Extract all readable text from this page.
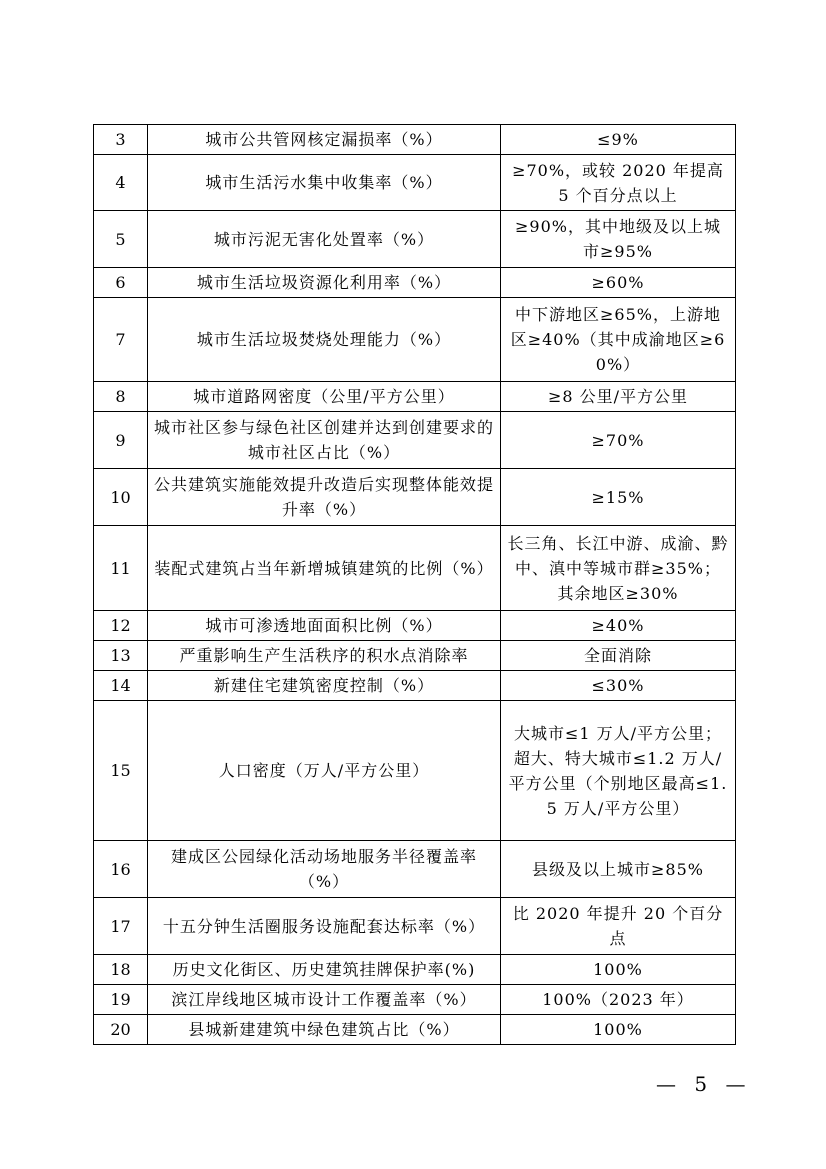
3	城市公共管网核定漏损率（%）	≤9%
4	城市生活污水集中收集率（%）	≥70%，或较 2020 年提高 5 个百分点以上
5	城市污泥无害化处置率（%）	≥90%，其中地级及以上城市≥95%
6	城市生活垃圾资源化利用率（%）	≥60%
7	城市生活垃圾焚烧处理能力（%）	中下游地区≥65%，上游地区≥40%（其中成渝地区≥60%）
8	城市道路网密度（公里/平方公里）	≥8 公里/平方公里
9	城市社区参与绿色社区创建并达到创建要求的城市社区占比（%）	≥70%
10	公共建筑实施能效提升改造后实现整体能效提升率（%）	≥15%
11	装配式建筑占当年新增城镇建筑的比例（%）	长三角、长江中游、成渝、黔中、滇中等城市群≥35%；其余地区≥30%
12	城市可渗透地面面积比例（%）	≥40%
13	严重影响生产生活秩序的积水点消除率	全面消除
14	新建住宅建筑密度控制（%）	≤30%
15	人口密度（万人/平方公里）	大城市≤1 万人/平方公里；超大、特大城市≤1.2 万人/平方公里（个别地区最高≤1.5 万人/平方公里）
16	建成区公园绿化活动场地服务半径覆盖率（%）	县级及以上城市≥85%
17	十五分钟生活圈服务设施配套达标率（%）	比 2020 年提升 20 个百分点
18	历史文化街区、历史建筑挂牌保护率(%)	100%
19	滨江岸线地区城市设计工作覆盖率（%）	100%（2023 年）
20	县城新建建筑中绿色建筑占比（%）	100%
— 5 —
